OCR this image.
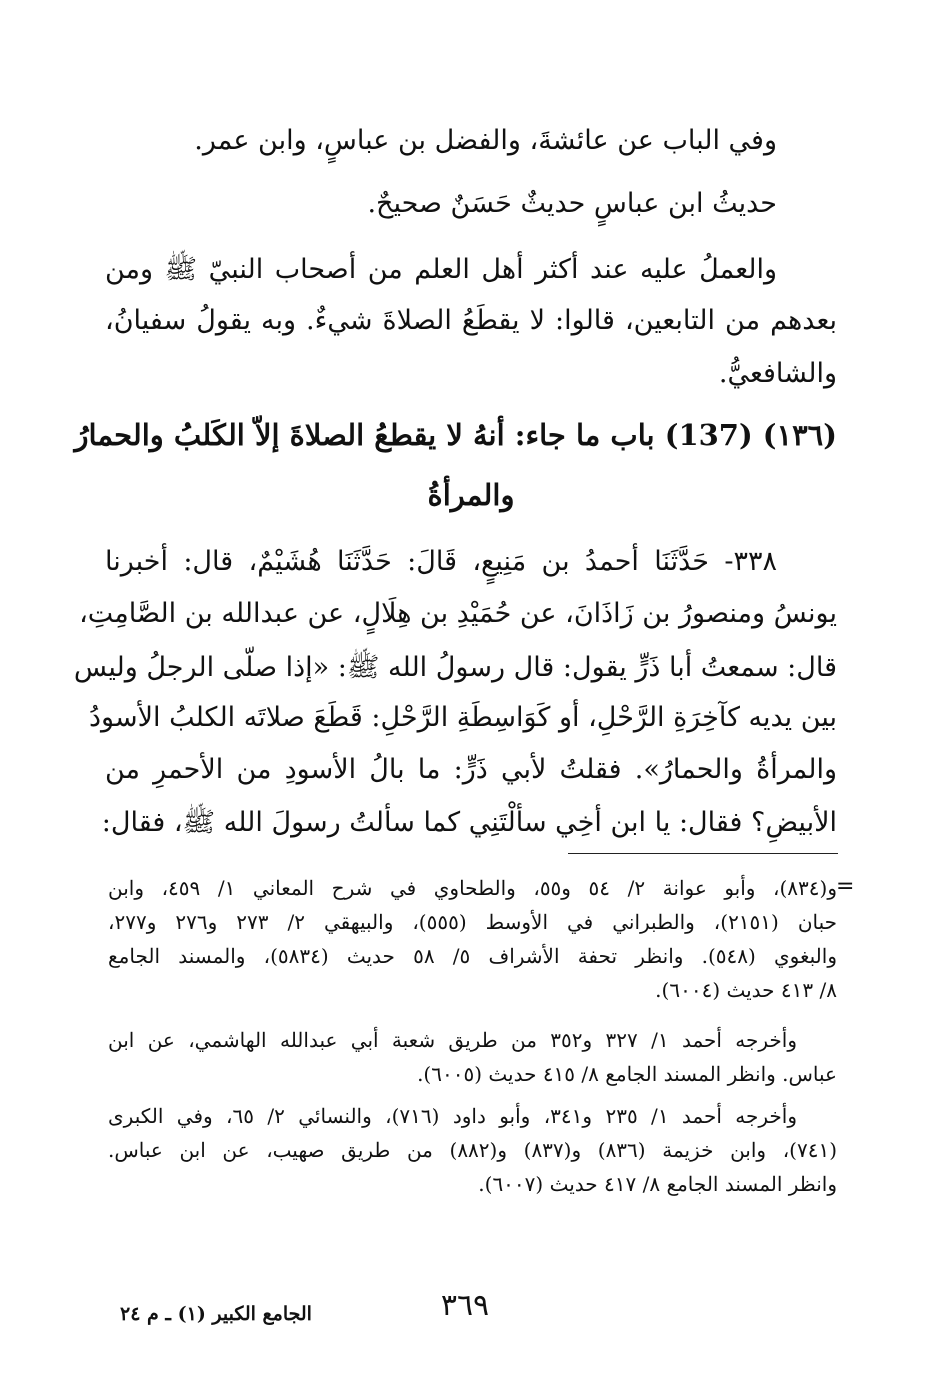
وفي الباب عن عائشةَ، والفضل بن عباسٍ، وابن عمر.
حديثُ ابن عباسٍ حديثٌ حَسَنٌ صحيحٌ.
والعملُ عليه عند أكثر أهل العلم من أصحاب النبيّ ﷺ ومن
بعدهم من التابعين، قالوا: لا يقطَعُ الصلاةَ شيءٌ. وبه يقولُ سفيانُ،
والشافعيُّ.
(١٣٦) (137) باب ما جاء: أنهُ لا يقطعُ الصلاةَ إلاّ الكَلبُ والحمارُ
والمرأةُ
٣٣٨- حَدَّثَنَا أحمدُ بن مَنِيعٍ، قَالَ: حَدَّثَنَا هُشَيْمٌ، قال: أخبرنا
يونسُ ومنصورُ بن زَاذَانَ، عن حُمَيْدِ بن هِلَالٍ، عن عبدالله بن الصَّامِتِ،
قال: سمعتُ أبا ذَرٍّ يقول: قال رسولُ الله ﷺ: «إذا صلّى الرجلُ وليس
بين يديه كآخِرَةِ الرَّحْلِ، أو كَوَاسِطَةِ الرَّحْلِ: قَطَعَ صلاتَه الكلبُ الأسودُ
والمرأةُ والحمارُ». فقلتُ لأبي ذَرٍّ: ما بالُ الأسودِ من الأحمرِ من
الأبيضِ؟ فقال: يا ابن أخِي سألْتَنِي كما سألتُ رسولَ الله ﷺ، فقال:
=
و(٨٣٤)، وأبو عوانة ٢/ ٥٤ و٥٥، والطحاوي في شرح المعاني ١/ ٤٥٩، وابن
حبان (٢١٥١)، والطبراني في الأوسط (٥٥٥)، والبيهقي ٢/ ٢٧٣ و٢٧٦ و٢٧٧،
والبغوي (٥٤٨). وانظر تحفة الأشراف ٥/ ٥٨ حديث (٥٨٣٤)، والمسند الجامع
٨/ ٤١٣ حديث (٦٠٠٤).
وأخرجه أحمد ١/ ٣٢٧ و٣٥٢ من طريق شعبة أبي عبدالله الهاشمي، عن ابن
عباس. وانظر المسند الجامع ٨/ ٤١٥ حديث (٦٠٠٥).
وأخرجه أحمد ١/ ٢٣٥ و٣٤١، وأبو داود (٧١٦)، والنسائي ٢/ ٦٥، وفي الكبرى
(٧٤١)، وابن خزيمة (٨٣٦) و(٨٣٧) و(٨٨٢) من طريق صهيب، عن ابن عباس.
وانظر المسند الجامع ٨/ ٤١٧ حديث (٦٠٠٧).
٣٦٩
الجامع الكبير (١) ـ م ٢٤
